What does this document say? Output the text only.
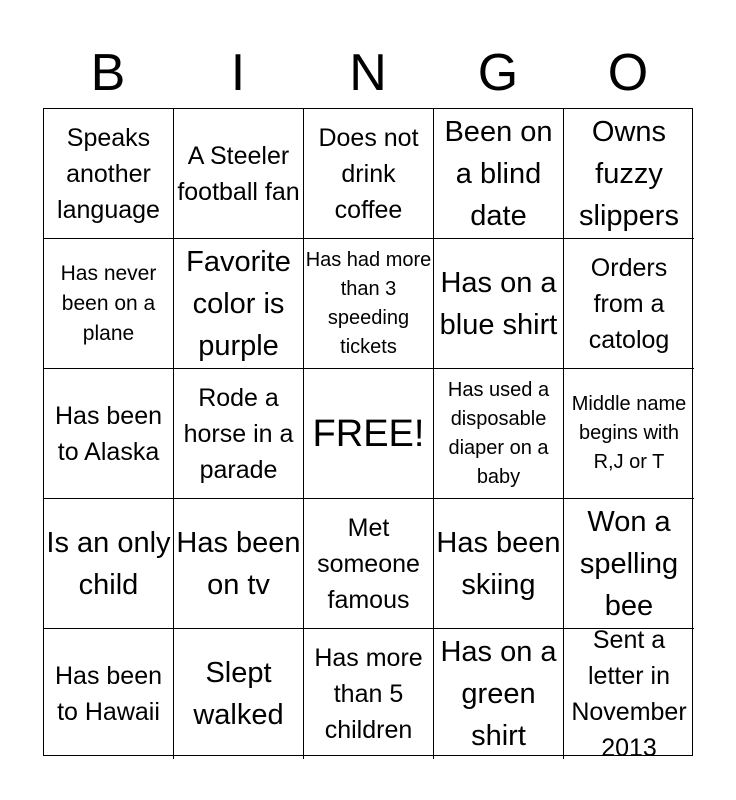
B	I	N	G	O
Speaks another language
A Steeler football fan
Does not drink coffee
Been on a blind date
Owns fuzzy slippers
Has never been on a plane
Favorite color is purple
Has had more than 3 speeding tickets
Has on a blue shirt
Orders from a catolog
Has been to Alaska
Rode a horse in a parade
FREE!
Has used a disposable diaper on a baby
Middle name begins with R,J or T
Is an only child
Has been on tv
Met someone famous
Has been skiing
Won a spelling bee
Has been to Hawaii
Slept walked
Has more than 5 children
Has on a green shirt
Sent a letter in November 2013
